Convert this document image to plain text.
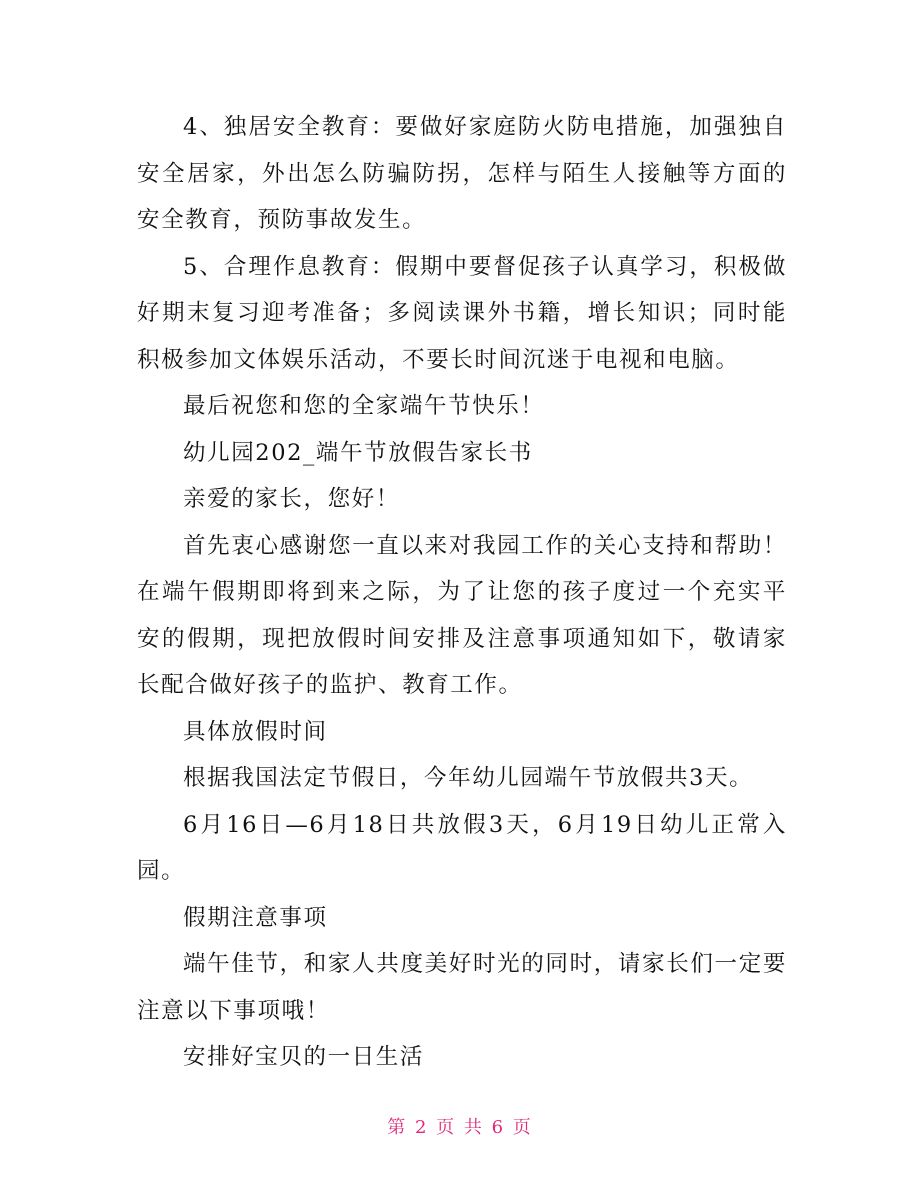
4、独居安全教育：要做好家庭防火防电措施，加强独自安全居家，外出怎么防骗防拐，怎样与陌生人接触等方面的安全教育，预防事故发生。

5、合理作息教育：假期中要督促孩子认真学习，积极做好期末复习迎考准备；多阅读课外书籍，增长知识；同时能积极参加文体娱乐活动，不要长时间沉迷于电视和电脑。

最后祝您和您的全家端午节快乐！

幼儿园202_端午节放假告家长书

亲爱的家长，您好！

首先衷心感谢您一直以来对我园工作的关心支持和帮助！在端午假期即将到来之际，为了让您的孩子度过一个充实平安的假期，现把放假时间安排及注意事项通知如下，敬请家长配合做好孩子的监护、教育工作。

具体放假时间

根据我国法定节假日，今年幼儿园端午节放假共3天。

6月16日—6月18日共放假3天，6月19日幼儿正常入园。

假期注意事项

端午佳节，和家人共度美好时光的同时，请家长们一定要注意以下事项哦！

安排好宝贝的一日生活

第 2 页 共 6 页
